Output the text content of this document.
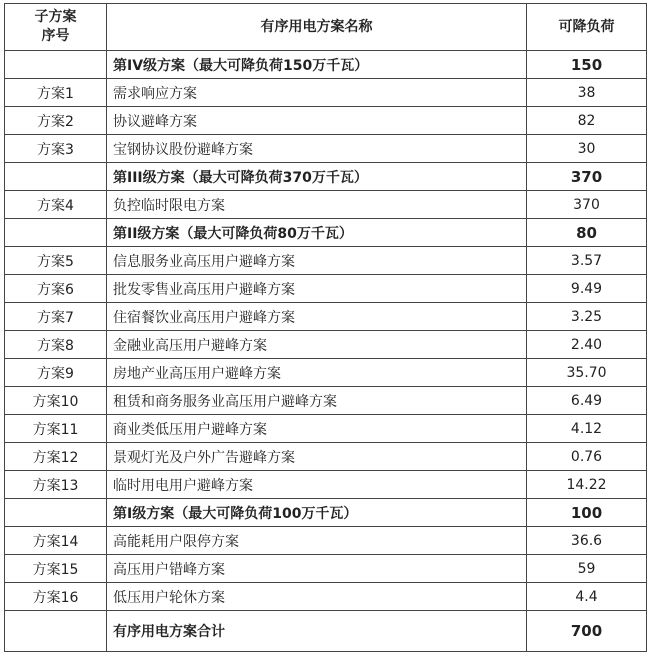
子方案
序号	有序用电方案名称	可降负荷
	第IV级方案（最大可降负荷150万千瓦）	150
方案1	需求响应方案	38
方案2	协议避峰方案	82
方案3	宝钢协议股份避峰方案	30
	第III级方案（最大可降负荷370万千瓦）	370
方案4	负控临时限电方案	370
	第II级方案（最大可降负荷80万千瓦）	80
方案5	信息服务业高压用户避峰方案	3.57
方案6	批发零售业高压用户避峰方案	9.49
方案7	住宿餐饮业高压用户避峰方案	3.25
方案8	金融业高压用户避峰方案	2.40
方案9	房地产业高压用户避峰方案	35.70
方案10	租赁和商务服务业高压用户避峰方案	6.49
方案11	商业类低压用户避峰方案	4.12
方案12	景观灯光及户外广告避峰方案	0.76
方案13	临时用电用户避峰方案	14.22
	第I级方案（最大可降负荷100万千瓦）	100
方案14	高能耗用户限停方案	36.6
方案15	高压用户错峰方案	59
方案16	低压用户轮休方案	4.4
	有序用电方案合计	700
